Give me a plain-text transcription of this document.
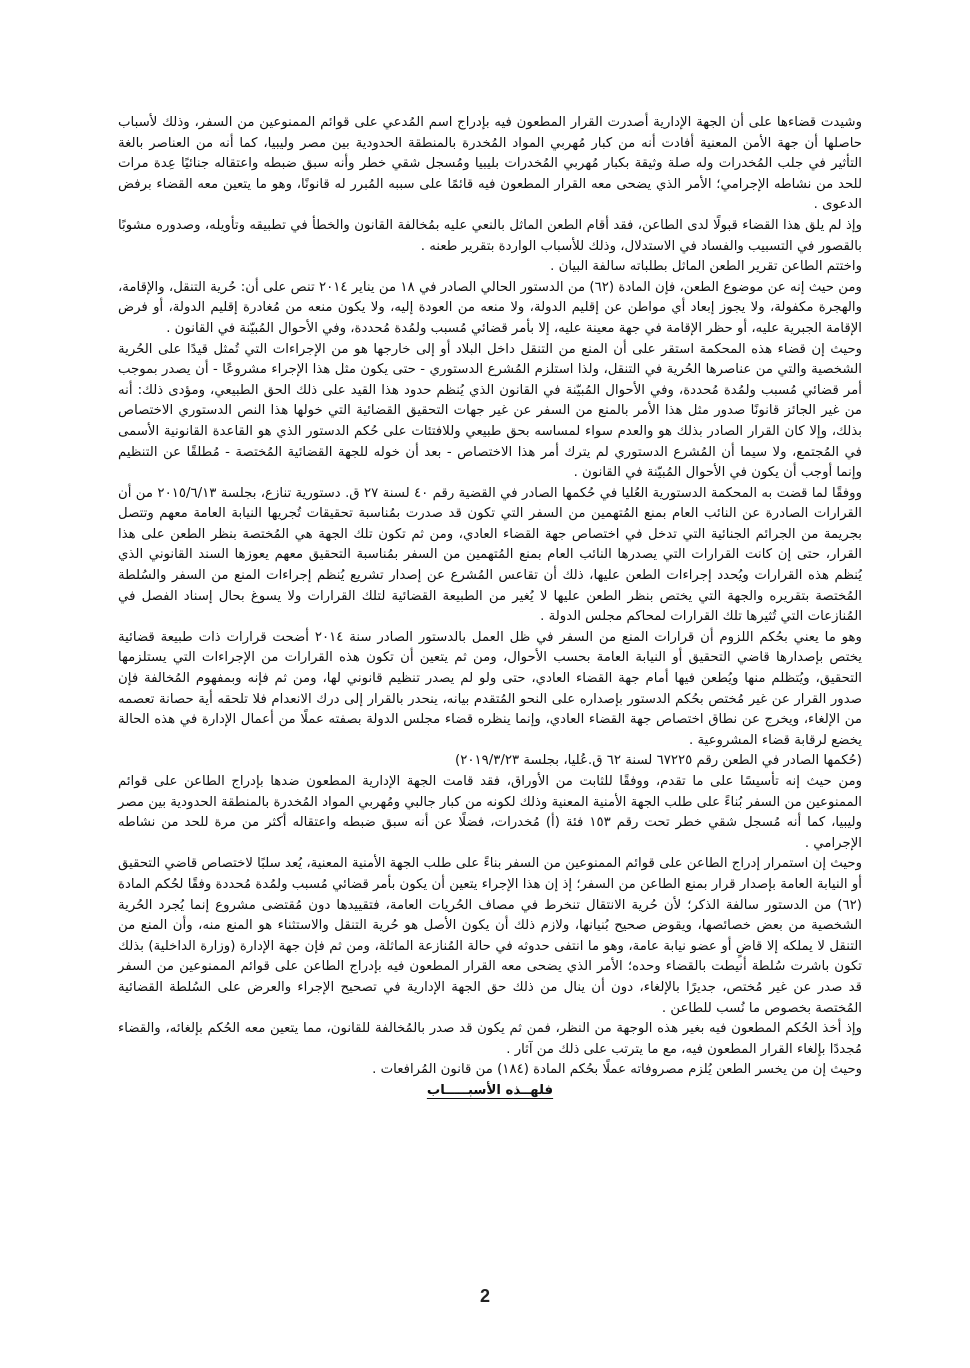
وشيدت قضاءها على أن الجهة الإدارية أصدرت القرار المطعون فيه بإدراج اسم المُدعي على قوائم الممنوعين من السفر، وذلك لأسباب حاصلها أن جهة الأمن المعنية أفادت أنه من كبار مُهربي المواد المُخدرة بالمنطقة الحدودية بين مصر وليبيا، كما أنه من العناصر بالغة التأثير في جلب المُخدرات وله صلة وثيقة بكبار مُهربي المُخدرات بليبيا ومُسجل شقي خطر وأنه سبق ضبطه واعتقاله جنائيًا عِدة مرات للحد من نشاطه الإجرامي؛ الأمر الذي يضحى معه القرار المطعون فيه قائمًا على سببه المُبرر له قانونًا، وهو ما يتعين معه القضاء برفض الدعوى .

وإذ لم يلق هذا القضاء قبولًا لدى الطاعن، فقد أقام الطعن الماثل بالنعي عليه بمُخالفة القانون والخطأ في تطبيقه وتأويله، وصدوره مشوبًا بالقصور في التسبيب والفساد في الاستدلال، وذلك للأسباب الواردة بتقرير طعنه .

واختتم الطاعن تقرير الطعن الماثل بطلباته سالفة البيان .

ومن حيث إنه عن موضوع الطعن، فإن المادة (٦٢) من الدستور الحالي الصادر في ١٨ من يناير ٢٠١٤ تنص على أن: حُرية التنقل، والإقامة، والهجرة مكفولة، ولا يجوز إبعاد أي مواطن عن إقليم الدولة، ولا منعه من العودة إليه، ولا يكون منعه من مُغادرة إقليم الدولة، أو فرض الإقامة الجبرية عليه، أو حظر الإقامة في جهة معينة عليه، إلا بأمر قضائي مُسبب ولمُدة مُحددة، وفي الأحوال المُبيّنة في القانون .

وحيث إن قضاء هذه المحكمة استقر على أن المنع من التنقل داخل البلاد أو إلى خارجها هو من الإجراءات التي تُمثل قيدًا على الحُرية الشخصية والتي من عناصرها الحُرية في التنقل، ولذا استلزم المُشرع الدستوري - حتى يكون مثل هذا الإجراء مشروعًا - أن يصدر بموجب أمر قضائي مُسبب ولمُدة مُحددة، وفي الأحوال المُبيّنة في القانون الذي يُنظم حدود هذا القيد على ذلك الحق الطبيعي، ومؤدى ذلك: أنه من غير الجائز قانونًا صدور مثل هذا الأمر بالمنع من السفر عن غير جهات التحقيق القضائية التي خولها هذا النص الدستوري الاختصاص بذلك، وإلا كان القرار الصادر بذلك هو والعدم سواء لمساسه بحق طبيعي وللافتئات على حُكم الدستور الذي هو القاعدة القانونية الأسمى في المُجتمع، ولا سيما أن المُشرع الدستوري لم يترك أمر هذا الاختصاص - بعد أن خوله للجهة القضائية المُختصة - مُطلقًا عن التنظيم وإنما أوجب أن يكون في الأحوال المُبيّنة في القانون .

ووفقًا لما قضت به المحكمة الدستورية العُليا في حُكمها الصادر في القضية رقم ٤٠ لسنة ٢٧ ق. دستورية تنازع، بجلسة ٢٠١٥/٦/١٣ من أن القرارات الصادرة عن النائب العام بمنع المُتهمين من السفر التي تكون قد صدرت بمُناسبة تحقيقات تُجريها النيابة العامة معهم وتتصل بجريمة من الجرائم الجنائية التي تدخل في اختصاص جهة القضاء العادي، ومن ثم تكون تلك الجهة هي المُختصة بنظر الطعن على هذا القرار، حتى إن كانت القرارات التي يصدرها النائب العام بمنع المُتهمين من السفر بمُناسبة التحقيق معهم يعوزها السند القانوني الذي يُنظم هذه القرارات ويُحدد إجراءات الطعن عليها، ذلك أن تقاعس المُشرع عن إصدار تشريع يُنظم إجراءات المنع من السفر والسُلطة المُختصة بتقريره والجهة التي يختص بنظر الطعن عليها لا يُغير من الطبيعة القضائية لتلك القرارات ولا يسوغ بحال إسناد الفصل في المُنازعات التي تُثيرها تلك القرارات لمحاكم مجلس الدولة .

وهو ما يعني بحُكم اللزوم أن قرارات المنع من السفر في ظل العمل بالدستور الصادر سنة ٢٠١٤ أضحت قرارات ذات طبيعة قضائية يختص بإصدارها قاضي التحقيق أو النيابة العامة بحسب الأحوال، ومن ثم يتعين أن تكون هذه القرارات من الإجراءات التي يستلزمها التحقيق، ويُتظلم منها ويُطعن فيها أمام جهة القضاء العادي، حتى ولو لم يصدر تنظيم قانوني لها، ومن ثم فإنه وبمفهوم المُخالفة فإن صدور القرار عن غير مُختص بحُكم الدستور بإصداره على النحو المُتقدم بيانه، ينحدر بالقرار إلى درك الانعدام فلا تلحقه أية حصانة تعصمه من الإلغاء، ويخرج عن نطاق اختصاص جهة القضاء العادي، وإنما ينظره قضاء مجلس الدولة بصفته عملًا من أعمال الإدارة في هذه الحالة يخضع لرقابة قضاء المشروعية .

(حُكمها الصادر في الطعن رقم ٦٧٢٢٥ لسنة ٦٢ ق.عُليا، بجلسة ٢٠١٩/٣/٢٣)

ومن حيث إنه تأسيسًا على ما تقدم، ووفقًا للثابت من الأوراق، فقد قامت الجهة الإدارية المطعون ضدها بإدراج الطاعن على قوائم الممنوعين من السفر بُناءً على طلب الجهة الأمنية المعنية وذلك لكونه من كبار جالبي ومُهربي المواد المُخدرة بالمنطقة الحدودية بين مصر وليبيا، كما أنه مُسجل شقي خطر تحت رقم ١٥٣ فئة (أ) مُخدرات، فضلًا عن أنه سبق ضبطه واعتقاله أكثر من مرة للحد من نشاطه الإجرامي .

وحيث إن استمرار إدراج الطاعن على قوائم الممنوعين من السفر بناءً على طلب الجهة الأمنية المعنية، يُعد سلبًا لاختصاص قاضي التحقيق أو النيابة العامة بإصدار قرار بمنع الطاعن من السفر؛ إذ إن هذا الإجراء يتعين أن يكون بأمر قضائي مُسبب ولمُدة مُحددة وفقًا لحُكم المادة (٦٢) من الدستور سالفة الذكر؛ لأن حُرية الانتقال تنخرط في مصاف الحُريات العامة، فتقييدها دون مُقتضى مشروع إنما يُجرد الحُرية الشخصية من بعض خصائصها، ويقوض صحيح بُنيانها، ولازم ذلك أن يكون الأصل هو حُرية التنقل والاستثناء هو المنع منه، وأن المنع من التنقل لا يملكه إلا قاضٍ أو عضو نيابة عامة، وهو ما انتفى حدوثه في حالة المُنازعة الماثلة، ومن ثم فإن جهة الإدارة (وزارة الداخلية) بذلك تكون باشرت سُلطة أنيطت بالقضاء وحده؛ الأمر الذي يضحى معه القرار المطعون فيه بإدراج الطاعن على قوائم الممنوعين من السفر قد صدر عن غير مُختص، جديرًا بالإلغاء، دون أن ينال من ذلك حق الجهة الإدارية في تصحيح الإجراء والعرض على السُلطة القضائية المُختصة بخصوص ما نُسب للطاعن .

وإذ أخذ الحُكم المطعون فيه بغير هذه الوجهة من النظر، فمن ثم يكون قد صدر بالمُخالفة للقانون، مما يتعين معه الحُكم بإلغائه، والقضاء مُجددًا بإلغاء القرار المطعون فيه، مع ما يترتب على ذلك من آثار .

وحيث إن من يخسر الطعن يُلزم مصروفاته عملًا بحُكم المادة (١٨٤) من قانون المُرافعات .

فلهــذه الأسبـــــاب

2
